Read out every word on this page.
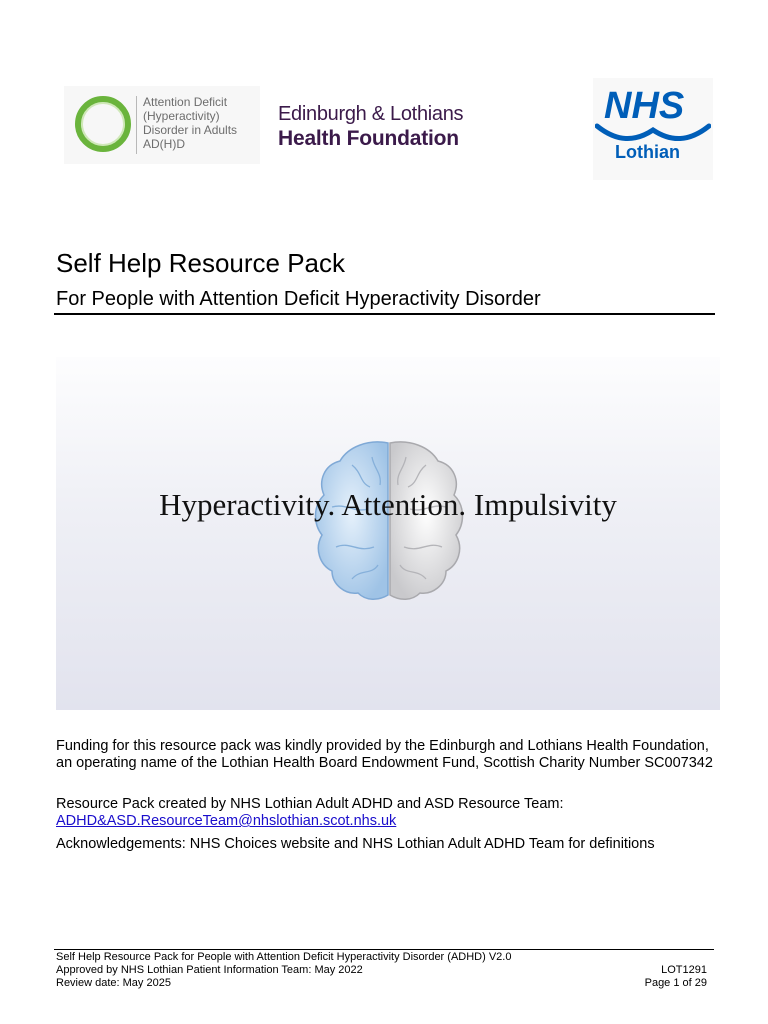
Attention Deficit
(Hyperactivity)
Disorder in Adults
AD(H)D
Edinburgh & Lothians
Health Foundation
NHS
Lothian
Self Help Resource Pack
For People with Attention Deficit Hyperactivity Disorder
Hyperactivity. Attention. Impulsivity
Funding for this resource pack was kindly provided by the Edinburgh and Lothians Health Foundation, an operating name of the Lothian Health Board Endowment Fund, Scottish Charity Number SC007342
Resource Pack created by NHS Lothian Adult ADHD and ASD Resource Team:
ADHD&ASD.ResourceTeam@nhslothian.scot.nhs.uk
Acknowledgements: NHS Choices website and NHS Lothian Adult ADHD Team for definitions
Self Help Resource Pack for People with Attention Deficit Hyperactivity Disorder (ADHD) V2.0
Approved by NHS Lothian Patient Information Team: May 2022
Review date: May 2025
LOT1291
Page 1 of 29
